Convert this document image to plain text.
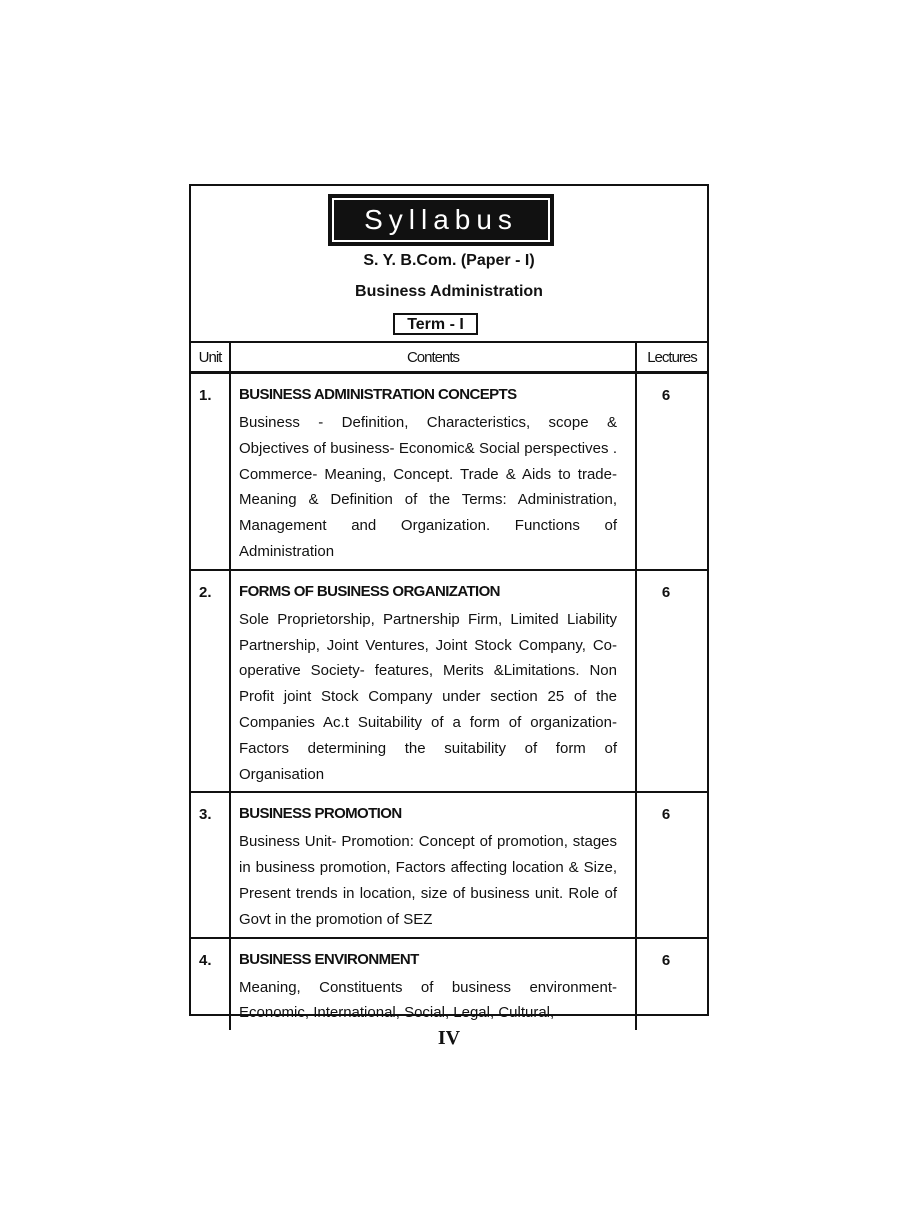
Syllabus
S. Y. B.Com. (Paper - I)
Business Administration
Term - I
Unit	Contents	Lectures
1.	BUSINESS ADMINISTRATION CONCEPTS
Business - Definition, Characteristics, scope & Objectives of business- Economic& Social perspectives . Commerce- Meaning, Concept. Trade & Aids to trade- Meaning & Definition of the Terms: Administration, Management and Organization. Functions of Administration	6
2.	FORMS OF BUSINESS ORGANIZATION
Sole Proprietorship, Partnership Firm, Limited Liability Partnership, Joint Ventures, Joint Stock Company, Co-operative Society- features, Merits &Limitations. Non Profit joint Stock Company under section 25 of the Companies Ac.t Suitability of a form of organization-Factors determining the suitability of form of Organisation	6
3.	BUSINESS PROMOTION
Business Unit- Promotion: Concept of promotion, stages in business promotion, Factors affecting location & Size, Present trends in location, size of business unit. Role of Govt in the promotion of SEZ	6
4.	BUSINESS ENVIRONMENT
Meaning, Constituents of business environment-Economic, International, Social, Legal, Cultural,	6
IV
